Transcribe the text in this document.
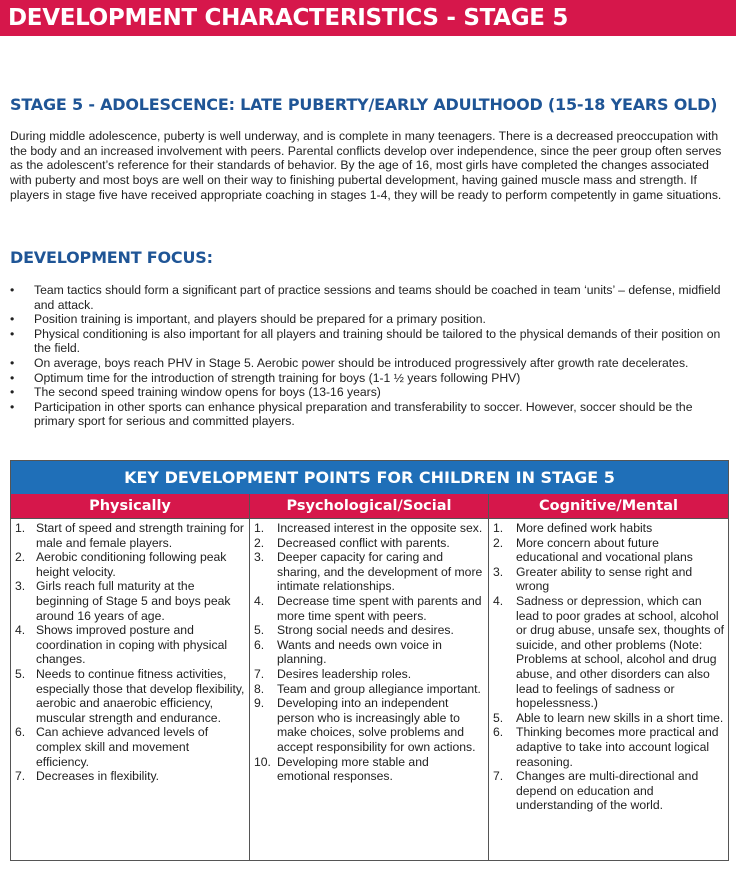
DEVELOPMENT CHARACTERISTICS - STAGE 5
STAGE 5 - ADOLESCENCE: LATE PUBERTY/EARLY ADULTHOOD (15-18 YEARS OLD)

During middle adolescence, puberty is well underway, and is complete in many teenagers. There is a decreased preoccupation with the body and an increased involvement with peers. Parental conflicts develop over independence, since the peer group often serves as the adolescent’s reference for their standards of behavior. By the age of 16, most girls have completed the changes associated with puberty and most boys are well on their way to finishing pubertal development, having gained muscle mass and strength. If players in stage five have received appropriate coaching in stages 1-4, they will be ready to perform competently in game situations.

DEVELOPMENT FOCUS:
• Team tactics should form a significant part of practice sessions and teams should be coached in team ‘units’ – defense, midfield and attack.
• Position training is important, and players should be prepared for a primary position.
• Physical conditioning is also important for all players and training should be tailored to the physical demands of their position on the field.
• On average, boys reach PHV in Stage 5. Aerobic power should be introduced progressively after growth rate decelerates.
• Optimum time for the introduction of strength training for boys (1-1 ½ years following PHV)
• The second speed training window opens for boys (13-16 years)
• Participation in other sports can enhance physical preparation and transferability to soccer. However, soccer should be the primary sport for serious and committed players.
KEY DEVELOPMENT POINTS FOR CHILDREN IN STAGE 5
Physically
1. Start of speed and strength training for male and female players.
2. Aerobic conditioning following peak height velocity.
3. Girls reach full maturity at the beginning of Stage 5 and boys peak around 16 years of age.
4. Shows improved posture and coordination in coping with physical changes.
5. Needs to continue fitness activities, especially those that develop flexibility, aerobic and anaerobic efficiency, muscular strength and endurance.
6. Can achieve advanced levels of complex skill and movement efficiency.
7. Decreases in flexibility.
Psychological/Social
1. Increased interest in the opposite sex.
2. Decreased conflict with parents.
3. Deeper capacity for caring and sharing, and the development of more intimate relationships.
4. Decrease time spent with parents and more time spent with peers.
5. Strong social needs and desires.
6. Wants and needs own voice in planning.
7. Desires leadership roles.
8. Team and group allegiance important.
9. Developing into an independent person who is increasingly able to make choices, solve problems and accept responsibility for own actions.
10. Developing more stable and emotional responses.
Cognitive/Mental
1. More defined work habits
2. More concern about future educational and vocational plans
3. Greater ability to sense right and wrong
4. Sadness or depression, which can lead to poor grades at school, alcohol or drug abuse, unsafe sex, thoughts of suicide, and other problems (Note: Problems at school, alcohol and drug abuse, and other disorders can also lead to feelings of sadness or hopelessness.)
5. Able to learn new skills in a short time.
6. Thinking becomes more practical and adaptive to take into account logical reasoning.
7. Changes are multi-directional and depend on education and understanding of the world.
